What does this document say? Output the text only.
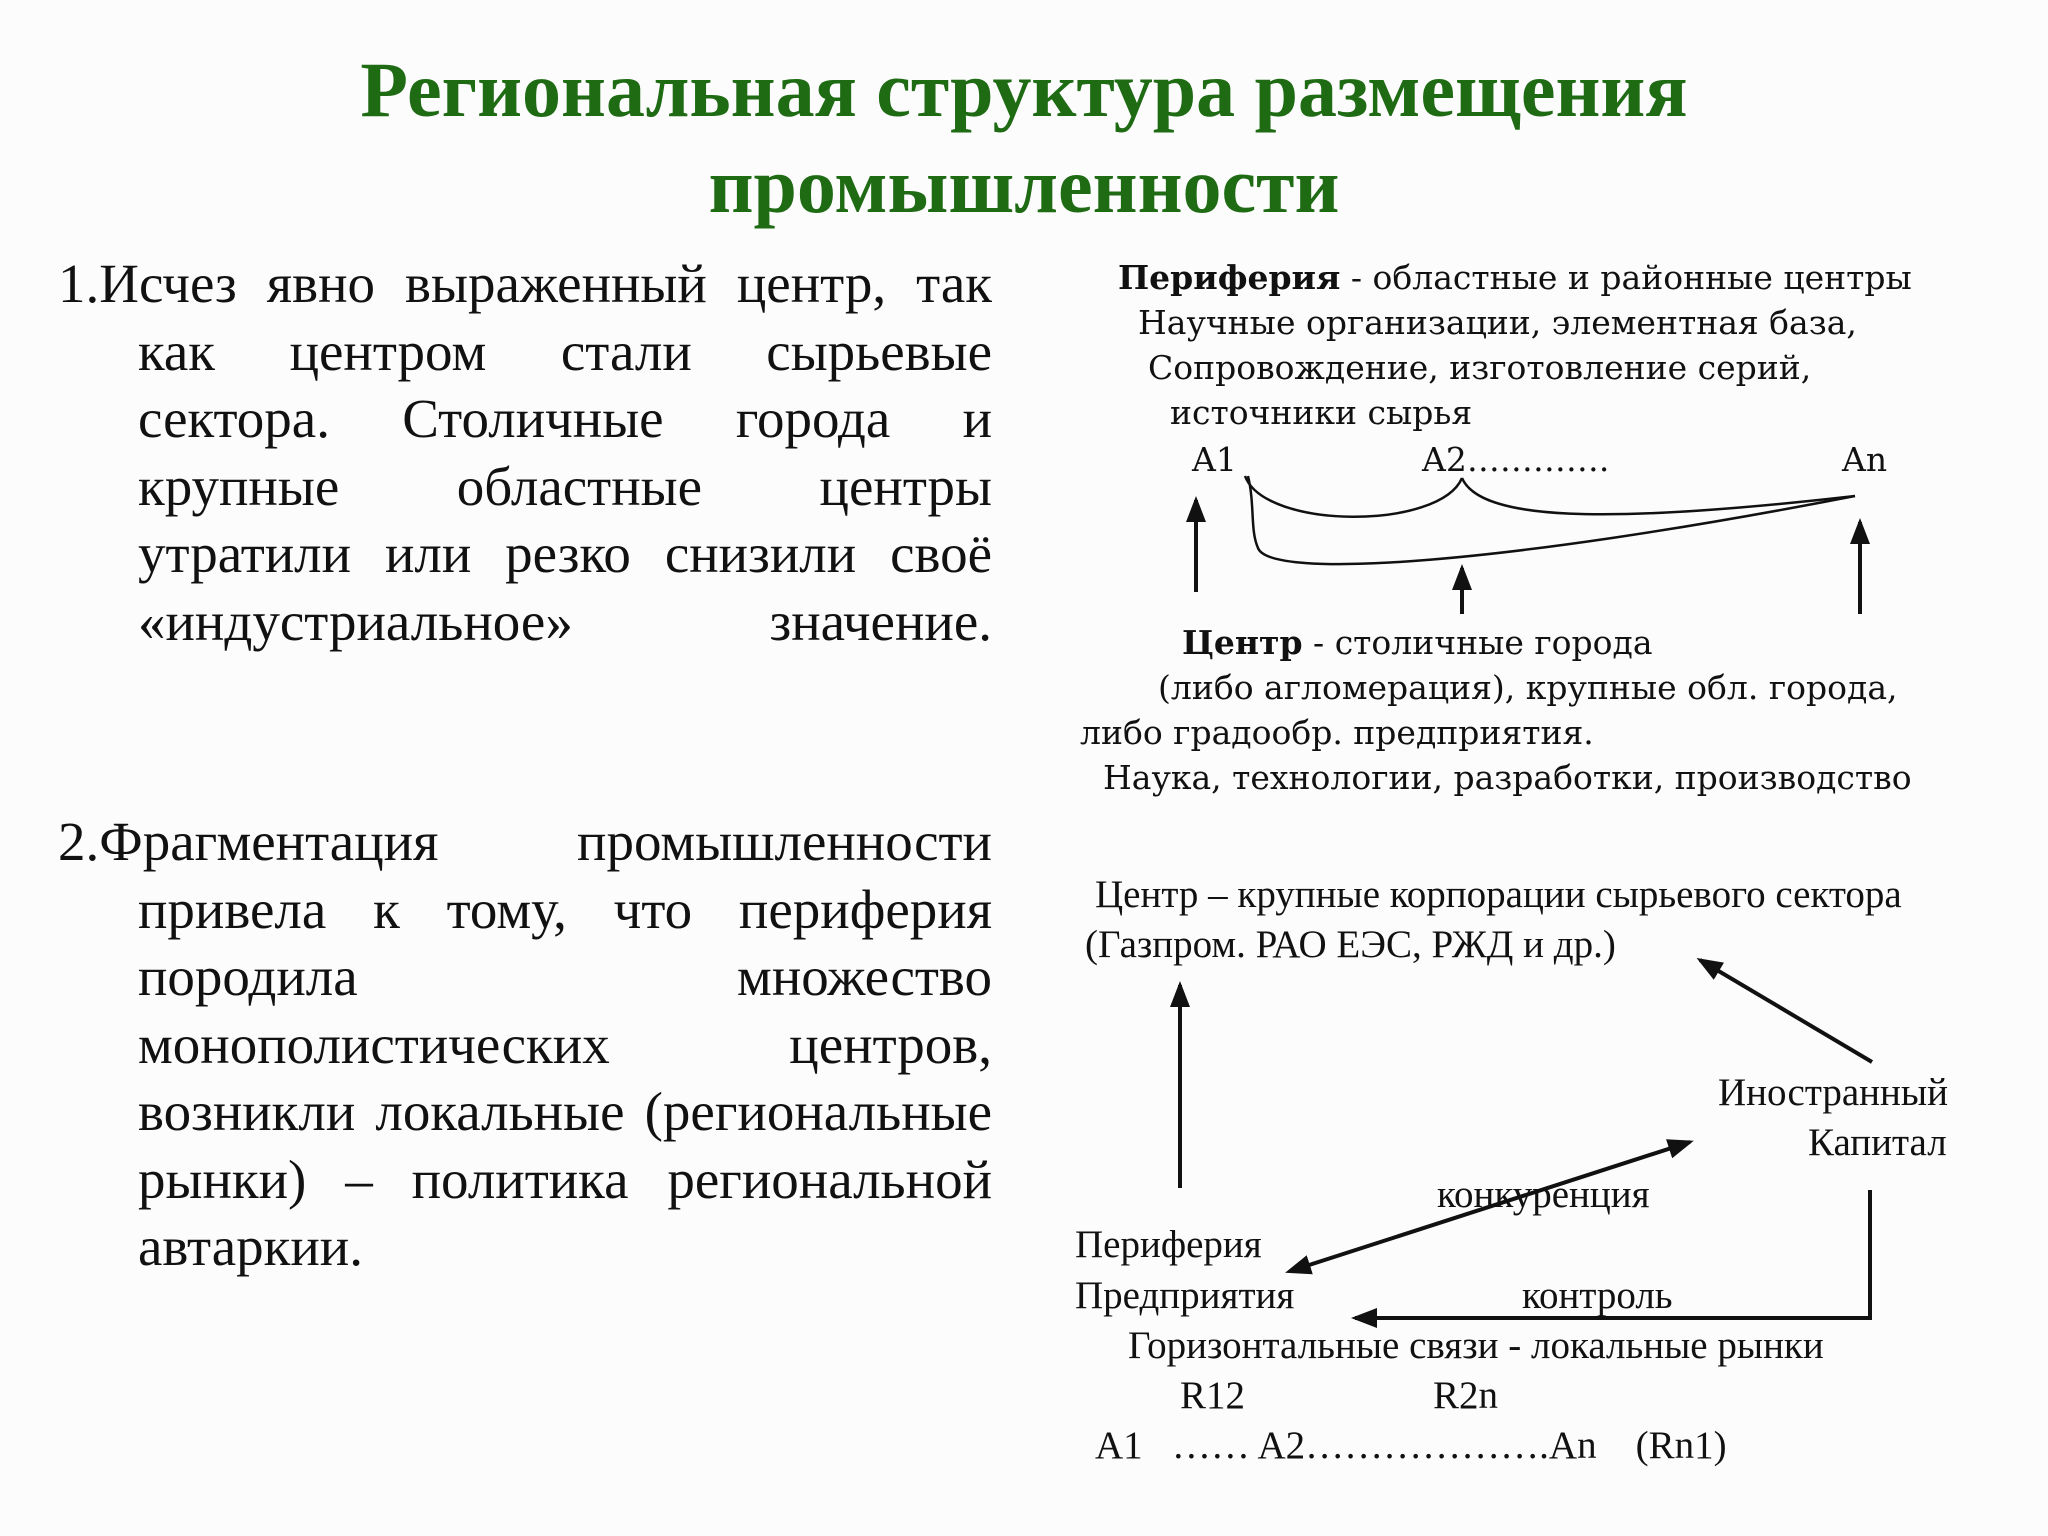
Региональная структура размещения
промышленности
1.Исчез явно выраженный центр, так как центром стали сырьевые сектора. Столичные города и крупные областные центры утратили или резко снизили своё «индустриальное» значение.
2.Фрагментация промышленности привела к тому, что периферия породила множество монополистических центров, возникли локальные (региональные рынки) – политика региональной автаркии.
Периферия - областные и районные центры
Научные организации, элементная база,
Сопровождение, изготовление серий,
источники сырья
A1	A2………….	An
Центр - столичные города
(либо агломерация), крупные обл. города,
либо градообр. предприятия.
Наука, технологии, разработки, производство
Центр – крупные корпорации сырьевого сектора
(Газпром. РАО ЕЭС, РЖД и др.)
Иностранный
Капитал
конкуренция
Периферия
Предприятия	контроль
Горизонтальные связи - локальные рынки
R12	R2n
A1   …… A2……………….An    (Rn1)
